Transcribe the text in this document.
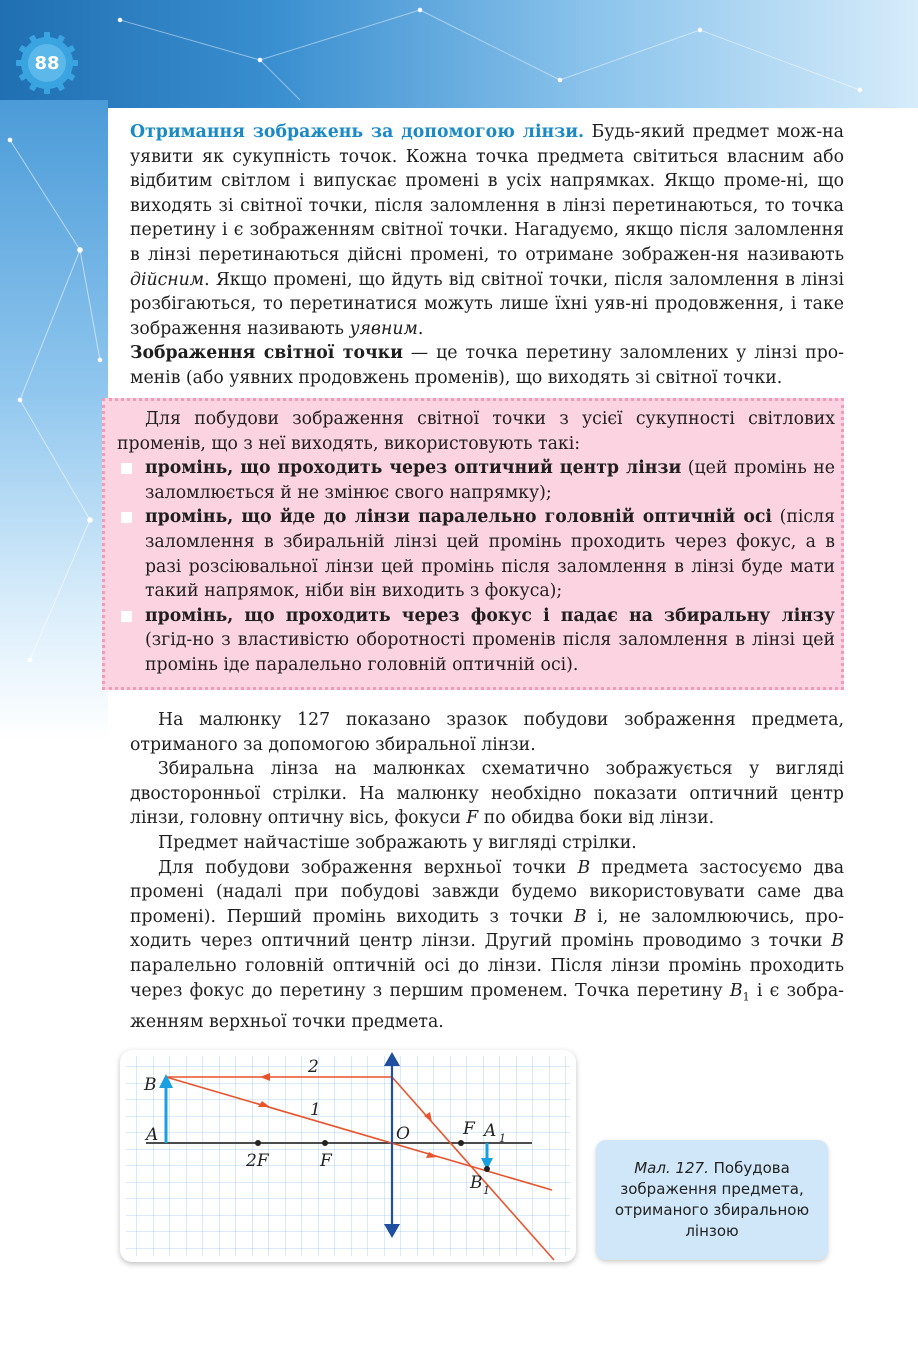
88

Отримання зображень за допомогою лінзи. Будь-який предмет мож-на уявити як сукупність точок. Кожна точка предмета світиться власним або відбитим світлом і випускає промені в усіх напрямках. Якщо проме-ні, що виходять зі світної точки, після заломлення в лінзі перетинаються, то точка перетину і є зображенням світної точки. Нагадуємо, якщо після заломлення в лінзі перетинаються дійсні промені, то отримане зображен-ня називають дійсним. Якщо промені, що йдуть від світної точки, після заломлення в лінзі розбігаються, то перетинатися можуть лише їхні уяв-ні продовження, і таке зображення називають уявним.

Зображення світної точки — це точка перетину заломлених у лінзі про-менів (або уявних продовжень променів), що виходять зі світної точки.

Для побудови зображення світної точки з усієї сукупності світлових променів, що з неї виходять, використовують такі:

промінь, що проходить через оптичний центр лінзи (цей промінь не заломлюється й не змінює свого напрямку);

промінь, що йде до лінзи паралельно головній оптичній осі (після заломлення в збиральній лінзі цей промінь проходить через фокус, а в разі розсіювальної лінзи цей промінь після заломлення в лінзі буде мати такий напрямок, ніби він виходить з фокуса);

промінь, що проходить через фокус і падає на збиральну лінзу (згід-но з властивістю оборотності променів після заломлення в лінзі цей промінь іде паралельно головній оптичній осі).

На малюнку 127 показано зразок побудови зображення предмета, отриманого за допомогою збиральної лінзи.

Збиральна лінза на малюнках схематично зображується у вигляді двосторонньої стрілки. На малюнку необхідно показати оптичний центр лінзи, головну оптичну вісь, фокуси F по обидва боки від лінзи.

Предмет найчастіше зображають у вигляді стрілки.

Для побудови зображення верхньої точки B предмета застосуємо два промені (надалі при побудові завжди будемо використовувати саме два промені). Перший промінь виходить з точки B і, не заломлюючись, про-ходить через оптичний центр лінзи. Другий промінь проводимо з точки B паралельно головній оптичній осі до лінзи. Після лінзи промінь проходить через фокус до перетину з першим променем. Точка перетину $B_1$ і є зобра-женням верхньої точки предмета.

B
A
2
1
O	F A 1
2F	F
B 1
Мал. 127. Побудова зображення предмета, отриманого збиральною лінзою
